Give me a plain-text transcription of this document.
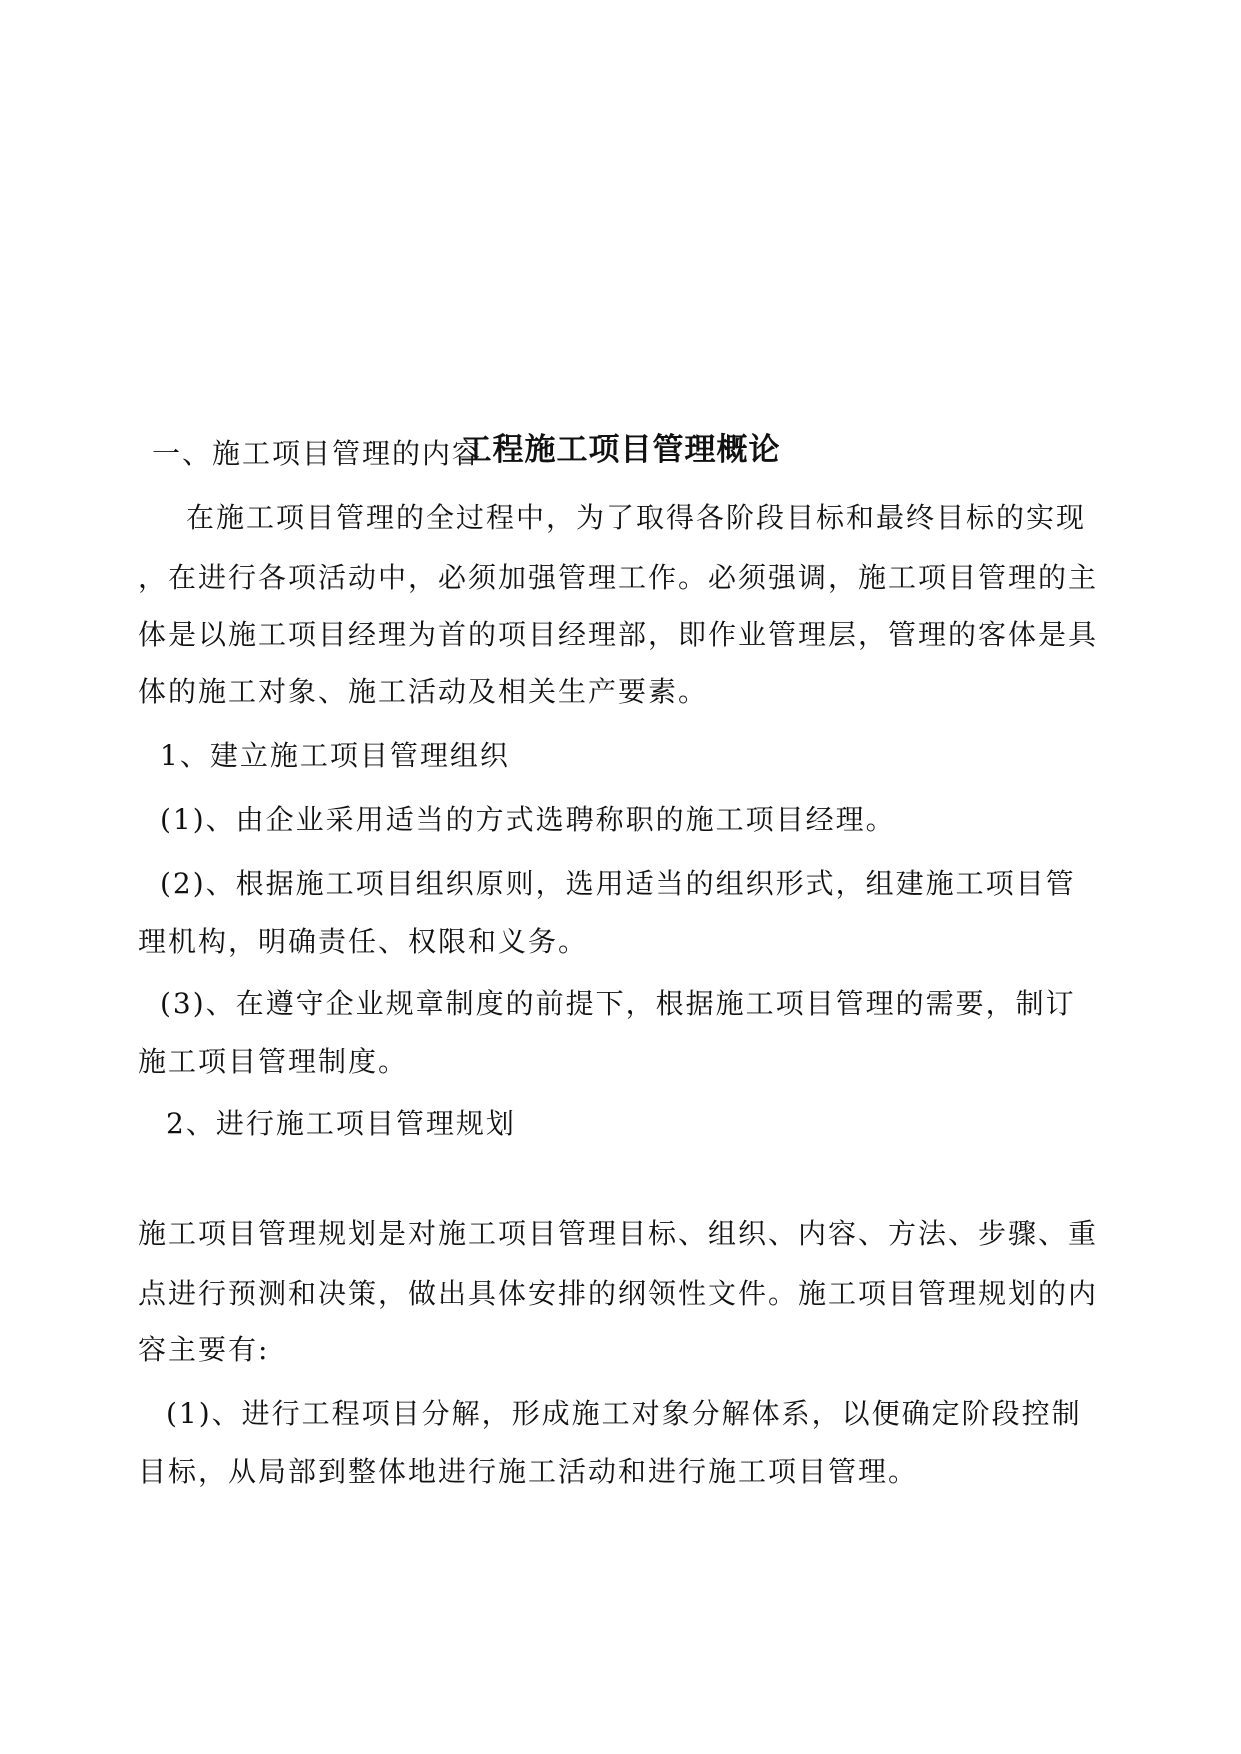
工程施工项目管理概论
一、施工项目管理的内容
在施工项目管理的全过程中，为了取得各阶段目标和最终目标的实现
，在进行各项活动中，必须加强管理工作。必须强调，施工项目管理的主
体是以施工项目经理为首的项目经理部，即作业管理层，管理的客体是具
体的施工对象、施工活动及相关生产要素。
1、建立施工项目管理组织
(1)、由企业采用适当的方式选聘称职的施工项目经理。
(2)、根据施工项目组织原则，选用适当的组织形式，组建施工项目管
理机构，明确责任、权限和义务。
(3)、在遵守企业规章制度的前提下，根据施工项目管理的需要，制订
施工项目管理制度。
2、进行施工项目管理规划
施工项目管理规划是对施工项目管理目标、组织、内容、方法、步骤、重
点进行预测和决策，做出具体安排的纲领性文件。施工项目管理规划的内
容主要有:
(1)、进行工程项目分解，形成施工对象分解体系，以便确定阶段控制
目标，从局部到整体地进行施工活动和进行施工项目管理。
